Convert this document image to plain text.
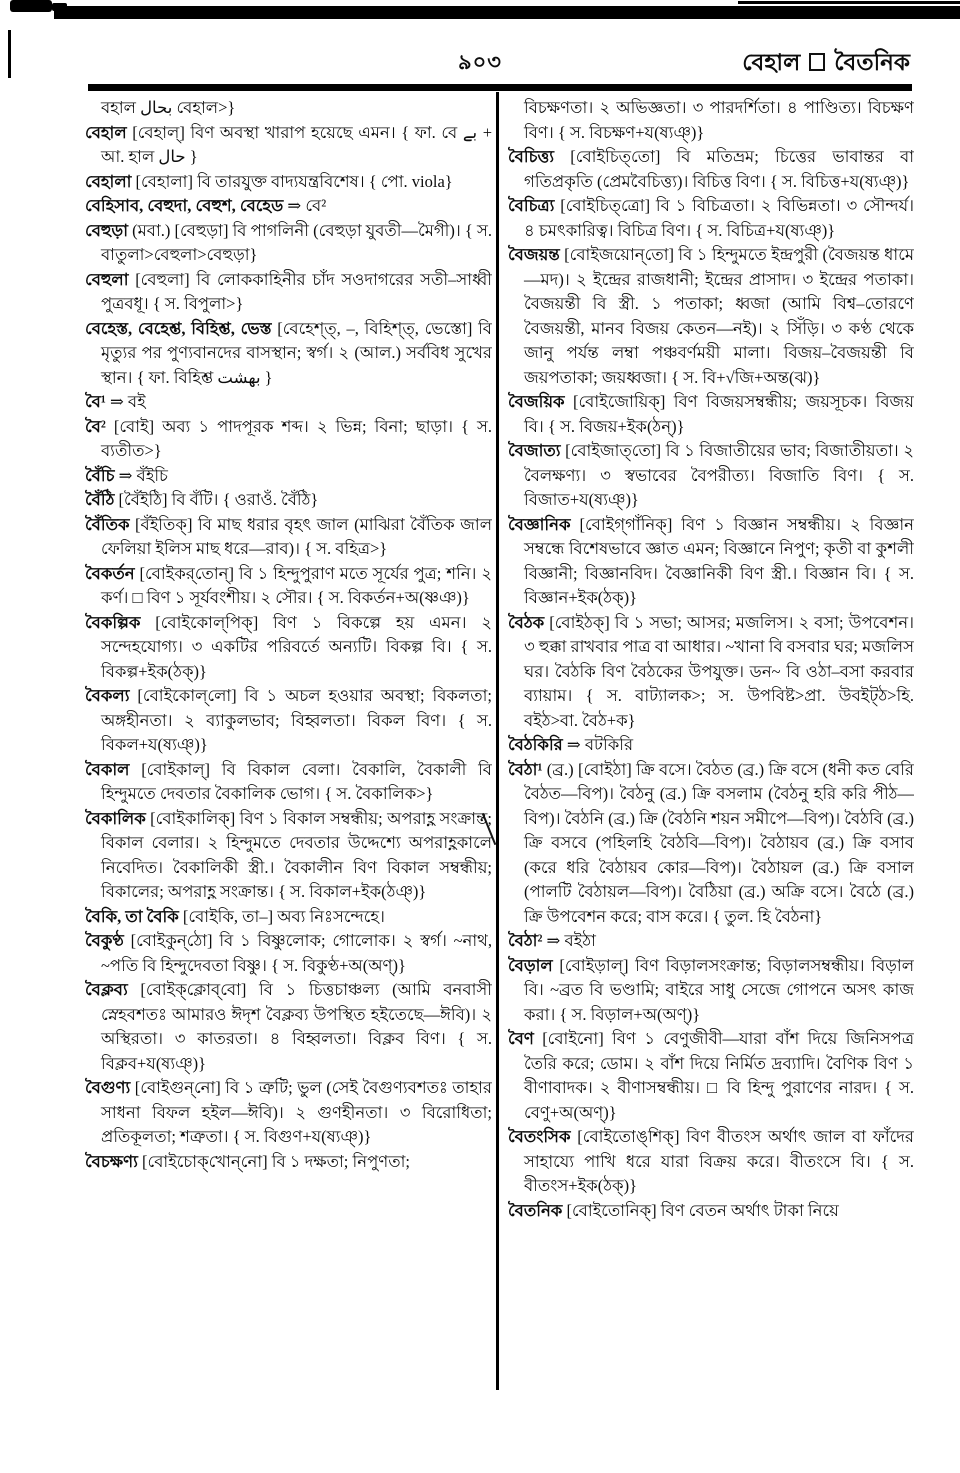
৯০৩	বেহাল বৈতনিক

বহাল بحال বেহাল>}

বেহাল [বেহাল্] বিণ অবস্থা খারাপ হয়েছে এমন। { ফা. বে بے + আ. হাল حال }

বেহালা [বেহালা] বি তারযুক্ত বাদ্যযন্ত্রবিশেষ। { পো. viola}

বেহিসাব, বেহুদা, বেহুশ, বেহেড ⇒ বে²

বেহুড়া (মবা.) [বেহুড়া] বি পাগলিনী (বেহুড়া যুবতী—মৈগী)। { স. বাতুলা>বেহুলা>বেহুড়া}

বেহুলা [বেহুলা] বি লোককাহিনীর চাঁদ সওদাগরের সতী–সাধ্বী পুত্রবধূ। { স. বিপুলা>}

বেহেস্ত, বেহেশ্ত, বিহিশ্ত, ভেস্ত [বেহেশ্ত্, –, বিহিশ্ত্, ভেস্তো] বি মৃত্যুর পর পুণ্যবানদের বাসস্থান; স্বর্গ। ২ (আল.) সর্ববিধ সুখের স্থান। { ফা. বিহিশ্ত بهشت }

বৈ¹ ⇒ বই

বৈ² [বোই] অব্য ১ পাদপূরক শব্দ। ২ ভিন্ন; বিনা; ছাড়া। { স. ব্যতীত>}

বৈঁচি ⇒ বঁইচি

বৈঁঠি [বৈঁইঠি] বি বঁটি। { ওরাওঁ. বৈঁঠি}

বৈঁতিক [বঁইতিক্] বি মাছ ধরার বৃহৎ জাল (মাঝিরা বৈঁতিক জাল ফেলিয়া ইলিস মাছ ধরে—রাব)। { স. বহিত্র>}

বৈকর্তন [বোইকর্‌তোন্] বি ১ হিন্দুপুরাণ মতে সূর্যের পুত্র; শনি। ২ কর্ণ। □ বিণ ১ সূর্যবংশীয়। ২ সৌর। { স. বিকর্তন+অ(ষ্ণঞ)}

বৈকল্পিক [বোইকোল্‌পিক্] বিণ ১ বিকল্পে হয় এমন। ২ সন্দেহযোগ্য। ৩ একটির পরিবর্তে অন্যটি। বিকল্প বি। { স. বিকল্প+ইক(ঠক্)}

বৈকল্য [বোইকোল্‌লো] বি ১ অচল হওয়ার অবস্থা; বিকলতা; অঙ্গহীনতা। ২ ব্যাকুলভাব; বিহ্বলতা। বিকল বিণ। { স. বিকল+য(ষ্যঞ্)}

বৈকাল [বোইকাল্] বি বিকাল বেলা। বৈকালি, বৈকালী বি হিন্দুমতে দেবতার বৈকালিক ভোগ। { স. বৈকালিক>}

বৈকালিক [বোইকালিক্] বিণ ১ বিকাল সম্বন্ধীয়; অপরাহ্ণ সংক্রান্ত; বিকাল বেলার। ২ হিন্দুমতে দেবতার উদ্দেশ্যে অপরাহ্ণকালে নিবেদিত। বৈকালিকী স্ত্রী.। বৈকালীন বিণ বিকাল সম্বন্ধীয়; বিকালের; অপরাহ্ণ সংক্রান্ত। { স. বিকাল+ইক(ঠঞ্)}

বৈকি, তা বৈকি [বোইকি, তা–] অব্য নিঃসন্দেহে।

বৈকুণ্ঠ [বোইকুন্‌ঠো] বি ১ বিষ্ণুলোক; গোলোক। ২ স্বর্গ। ~নাথ, ~পতি বি হিন্দুদেবতা বিষ্ণু। { স. বিকুণ্ঠ+অ(অণ্)}

বৈক্লব্য [বোইক্‌ক্লোব্‌বো] বি ১ চিত্তচাঞ্চল্য (আমি বনবাসী স্নেহবশতঃ আমারও ঈদৃশ বৈক্লব্য উপস্থিত হইতেছে—ঈবি)। ২ অস্থিরতা। ৩ কাতরতা। ৪ বিহ্বলতা। বিক্লব বিণ। { স. বিক্লব+য(ষ্যঞ্)}

বৈগুণ্য [বোইগুন্‌নো] বি ১ ত্রুটি; ভুল (সেই বৈগুণ্যবশতঃ তাহার সাধনা বিফল হইল—ঈবি)। ২ গুণহীনতা। ৩ বিরোধিতা; প্রতিকূলতা; শত্রুতা। { স. বিগুণ+য(ষ্যঞ্)}

বৈচক্ষণ্য [বোইচোক্‌খোন্‌নো] বি ১ দক্ষতা; নিপুণতা;

বিচক্ষণতা। ২ অভিজ্ঞতা। ৩ পারদর্শিতা। ৪ পাণ্ডিত্য। বিচক্ষণ বিণ। { স. বিচক্ষণ+য(ষ্যঞ্)}

বৈচিত্ত্য [বোইচিত্‌তো] বি মতিভ্রম; চিত্তের ভাবান্তর বা গতিপ্রকৃতি (প্রেমবৈচিত্ত্য)। বিচিত্ত বিণ। { স. বিচিত্ত+য(ষ্যঞ্)}

বৈচিত্র্য [বোইচিত্‌ত্রো] বি ১ বিচিত্রতা। ২ বিভিন্নতা। ৩ সৌন্দর্য। ৪ চমৎকারিত্ব। বিচিত্র বিণ। { স. বিচিত্র+য(ষ্যঞ্)}

বৈজয়ন্ত [বোইজয়োন্‌তো] বি ১ হিন্দুমতে ইন্দ্রপুরী (বৈজয়ন্ত ধামে—মদ)। ২ ইন্দ্রের রাজধানী; ইন্দ্রের প্রাসাদ। ৩ ইন্দ্রের পতাকা। বৈজয়ন্তী বি স্ত্রী. ১ পতাকা; ধ্বজা (আমি বিশ্ব–তোরণে বৈজয়ন্তী, মানব বিজয় কেতন—নই)। ২ সিঁড়ি। ৩ কণ্ঠ থেকে জানু পর্যন্ত লম্বা পঞ্চবর্ণময়ী মালা। বিজয়–বৈজয়ন্তী বি জয়পতাকা; জয়ধ্বজা। { স. বি+√জি+অন্ত(ঝ)}

বৈজয়িক [বোইজোয়িক্] বিণ বিজয়সম্বন্ধীয়; জয়সূচক। বিজয় বি। { স. বিজয়+ইক(ঠন্)}

বৈজাত্য [বোইজাত্‌তো] বি ১ বিজাতীয়ের ভাব; বিজাতীয়তা। ২ বৈলক্ষণ্য। ৩ স্বভাবের বৈপরীত্য। বিজাতি বিণ। { স. বিজাত+য(ষ্যঞ্)}

বৈজ্ঞানিক [বোইগ্‌গাঁনিক্] বিণ ১ বিজ্ঞান সম্বন্ধীয়। ২ বিজ্ঞান সম্বন্ধে বিশেষভাবে জ্ঞাত এমন; বিজ্ঞানে নিপুণ; কৃতী বা কুশলী বিজ্ঞানী; বিজ্ঞানবিদ। বৈজ্ঞানিকী বিণ স্ত্রী.। বিজ্ঞান বি। { স. বিজ্ঞান+ইক(ঠক্)}

বৈঠক [বোইঠক্] বি ১ সভা; আসর; মজলিস। ২ বসা; উপবেশন। ৩ হুক্কা রাখবার পাত্র বা আধার। ~খানা বি বসবার ঘর; মজলিস ঘর। বৈঠকি বিণ বৈঠকের উপযুক্ত। ডন~ বি ওঠা–বসা করবার ব্যায়াম। { স. বাট্যালক>; স. উপবিষ্ট>প্রা. উবইট্ঠ>হি. বইঠ>বা. বৈঠ+ক}

বৈঠকিরি ⇒ বটকিরি

বৈঠা¹ (ব্র.) [বোইঠা] ক্রি বসে। বৈঠত (ব্র.) ক্রি বসে (ধনী কত বেরি বৈঠত—বিপ)। বৈঠনু (ব্র.) ক্রি বসলাম (বৈঠনু হরি করি পীঠ—বিপ)। বৈঠনি (ব্র.) ক্রি (বৈঠনি শয়ন সমীপে—বিপ)। বৈঠবি (ব্র.) ক্রি বসবে (পহিলহি বৈঠবি—বিপ)। বৈঠায়ব (ব্র.) ক্রি বসাব (করে ধরি বৈঠায়ব কোর—বিপ)। বৈঠায়ল (ব্র.) ক্রি বসাল (পালটি বৈঠায়ল—বিপ)। বৈঠিয়া (ব্র.) অক্রি বসে। বৈঠে (ব্র.) ক্রি উপবেশন করে; বাস করে। { তুল. হি বৈঠনা}

বৈঠা² ⇒ বইঠা

বৈড়াল [বোইড়াল্] বিণ বিড়ালসংক্রান্ত; বিড়ালসম্বন্ধীয়। বিড়াল বি। ~ব্রত বি ভণ্ডামি; বাইরে সাধু সেজে গোপনে অসৎ কাজ করা। { স. বিড়াল+অ(অণ্)}

বৈণ [বোইনো] বিণ ১ বেণুজীবী—যারা বাঁশ দিয়ে জিনিসপত্র তৈরি করে; ডোম। ২ বাঁশ দিয়ে নির্মিত দ্রব্যাদি। বৈণিক বিণ ১ বীণাবাদক। ২ বীণাসম্বন্ধীয়। □ বি হিন্দু পুরাণের নারদ। { স. বেণু+অ(অণ্)}

বৈতংসিক [বোইতোঙ্‌শিক্] বিণ বীতংস অর্থাৎ জাল বা ফাঁদের সাহায্যে পাখি ধরে যারা বিক্রয় করে। বীতংসে বি। { স. বীতংস+ইক(ঠক্)}

বৈতনিক [বোইতোনিক্] বিণ বেতন অর্থাৎ টাকা নিয়ে
